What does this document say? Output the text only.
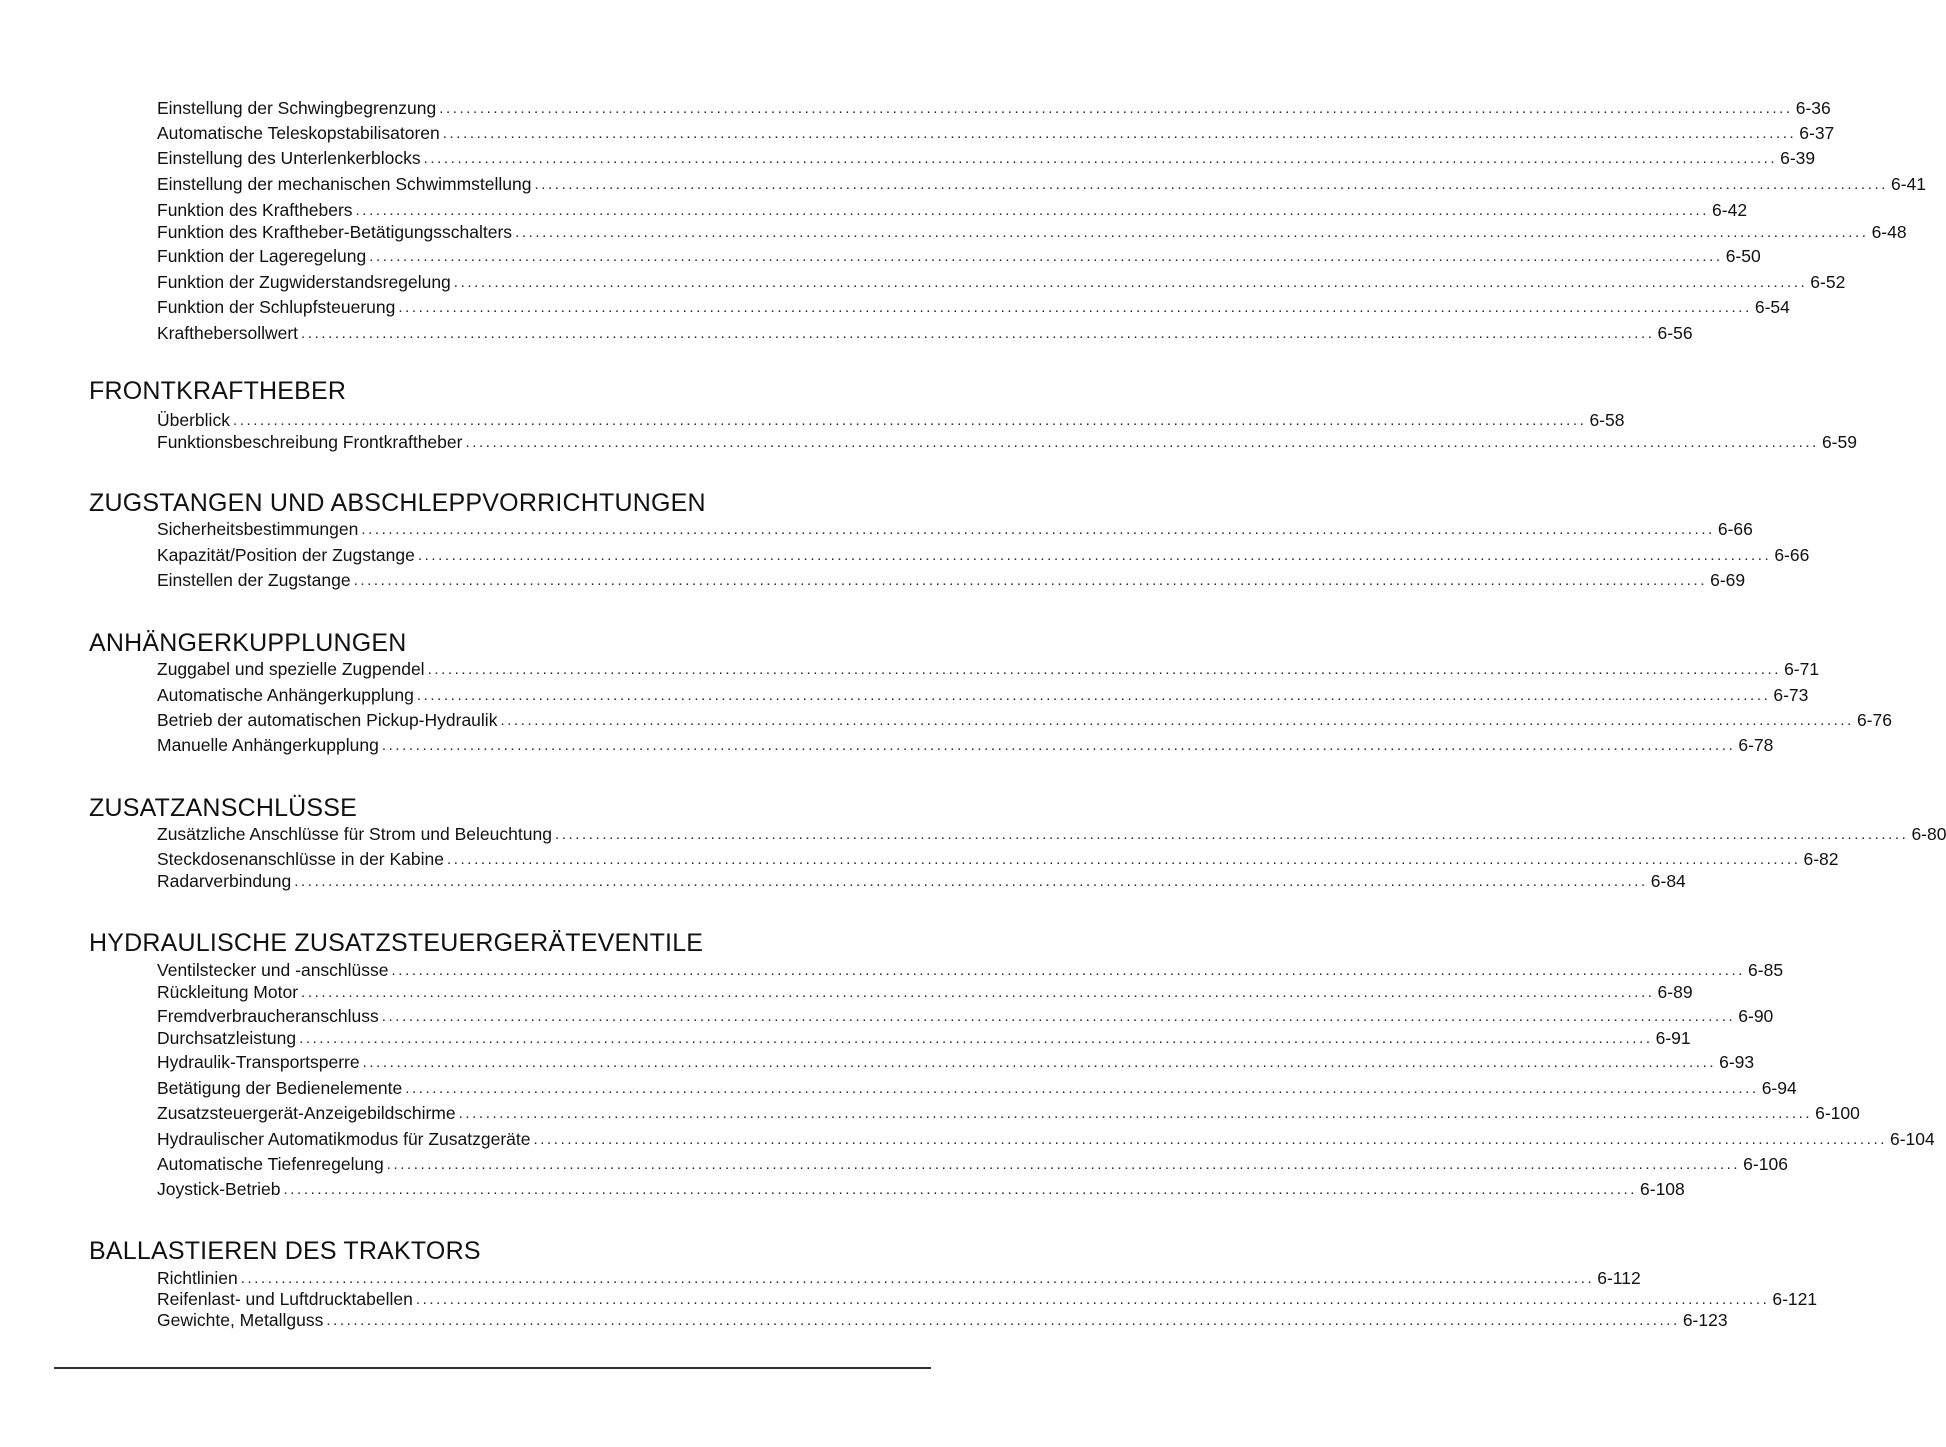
Einstellung der Schwingbegrenzung ........................................................................................................................................................................................................ 6-36
Automatische Teleskopstabilisatoren ........................................................................................................................................................................................................ 6-37
Einstellung des Unterlenkerblocks ........................................................................................................................................................................................................ 6-39
Einstellung der mechanischen Schwimmstellung ........................................................................................................................................................................................................ 6-41
Funktion des Krafthebers ........................................................................................................................................................................................................ 6-42
Funktion des Kraftheber-Betätigungsschalters ........................................................................................................................................................................................................ 6-48
Funktion der Lageregelung ........................................................................................................................................................................................................ 6-50
Funktion der Zugwiderstandsregelung ........................................................................................................................................................................................................ 6-52
Funktion der Schlupfsteuerung ........................................................................................................................................................................................................ 6-54
Krafthebersollwert ........................................................................................................................................................................................................ 6-56
FRONTKRAFTHEBER
Überblick ........................................................................................................................................................................................................ 6-58
Funktionsbeschreibung Frontkraftheber ........................................................................................................................................................................................................ 6-59
ZUGSTANGEN UND ABSCHLEPPVORRICHTUNGEN
Sicherheitsbestimmungen ........................................................................................................................................................................................................ 6-66
Kapazität/Position der Zugstange ........................................................................................................................................................................................................ 6-66
Einstellen der Zugstange ........................................................................................................................................................................................................ 6-69
ANHÄNGERKUPPLUNGEN
Zuggabel und spezielle Zugpendel ........................................................................................................................................................................................................ 6-71
Automatische Anhängerkupplung ........................................................................................................................................................................................................ 6-73
Betrieb der automatischen Pickup-Hydraulik ........................................................................................................................................................................................................ 6-76
Manuelle Anhängerkupplung ........................................................................................................................................................................................................ 6-78
ZUSATZANSCHLÜSSE
Zusätzliche Anschlüsse für Strom und Beleuchtung ........................................................................................................................................................................................................ 6-80
Steckdosenanschlüsse in der Kabine ........................................................................................................................................................................................................ 6-82
Radarverbindung ........................................................................................................................................................................................................ 6-84
HYDRAULISCHE ZUSATZSTEUERGERÄTEVENTILE
Ventilstecker und -anschlüsse ........................................................................................................................................................................................................ 6-85
Rückleitung Motor ........................................................................................................................................................................................................ 6-89
Fremdverbraucheranschluss ........................................................................................................................................................................................................ 6-90
Durchsatzleistung ........................................................................................................................................................................................................ 6-91
Hydraulik-Transportsperre ........................................................................................................................................................................................................ 6-93
Betätigung der Bedienelemente ........................................................................................................................................................................................................ 6-94
Zusatzsteuergerät-Anzeigebildschirme ........................................................................................................................................................................................................ 6-100
Hydraulischer Automatikmodus für Zusatzgeräte ........................................................................................................................................................................................................ 6-104
Automatische Tiefenregelung ........................................................................................................................................................................................................ 6-106
Joystick-Betrieb ........................................................................................................................................................................................................ 6-108
BALLASTIEREN DES TRAKTORS
Richtlinien ........................................................................................................................................................................................................ 6-112
Reifenlast- und Luftdrucktabellen ........................................................................................................................................................................................................ 6-121
Gewichte, Metallguss ........................................................................................................................................................................................................ 6-123
